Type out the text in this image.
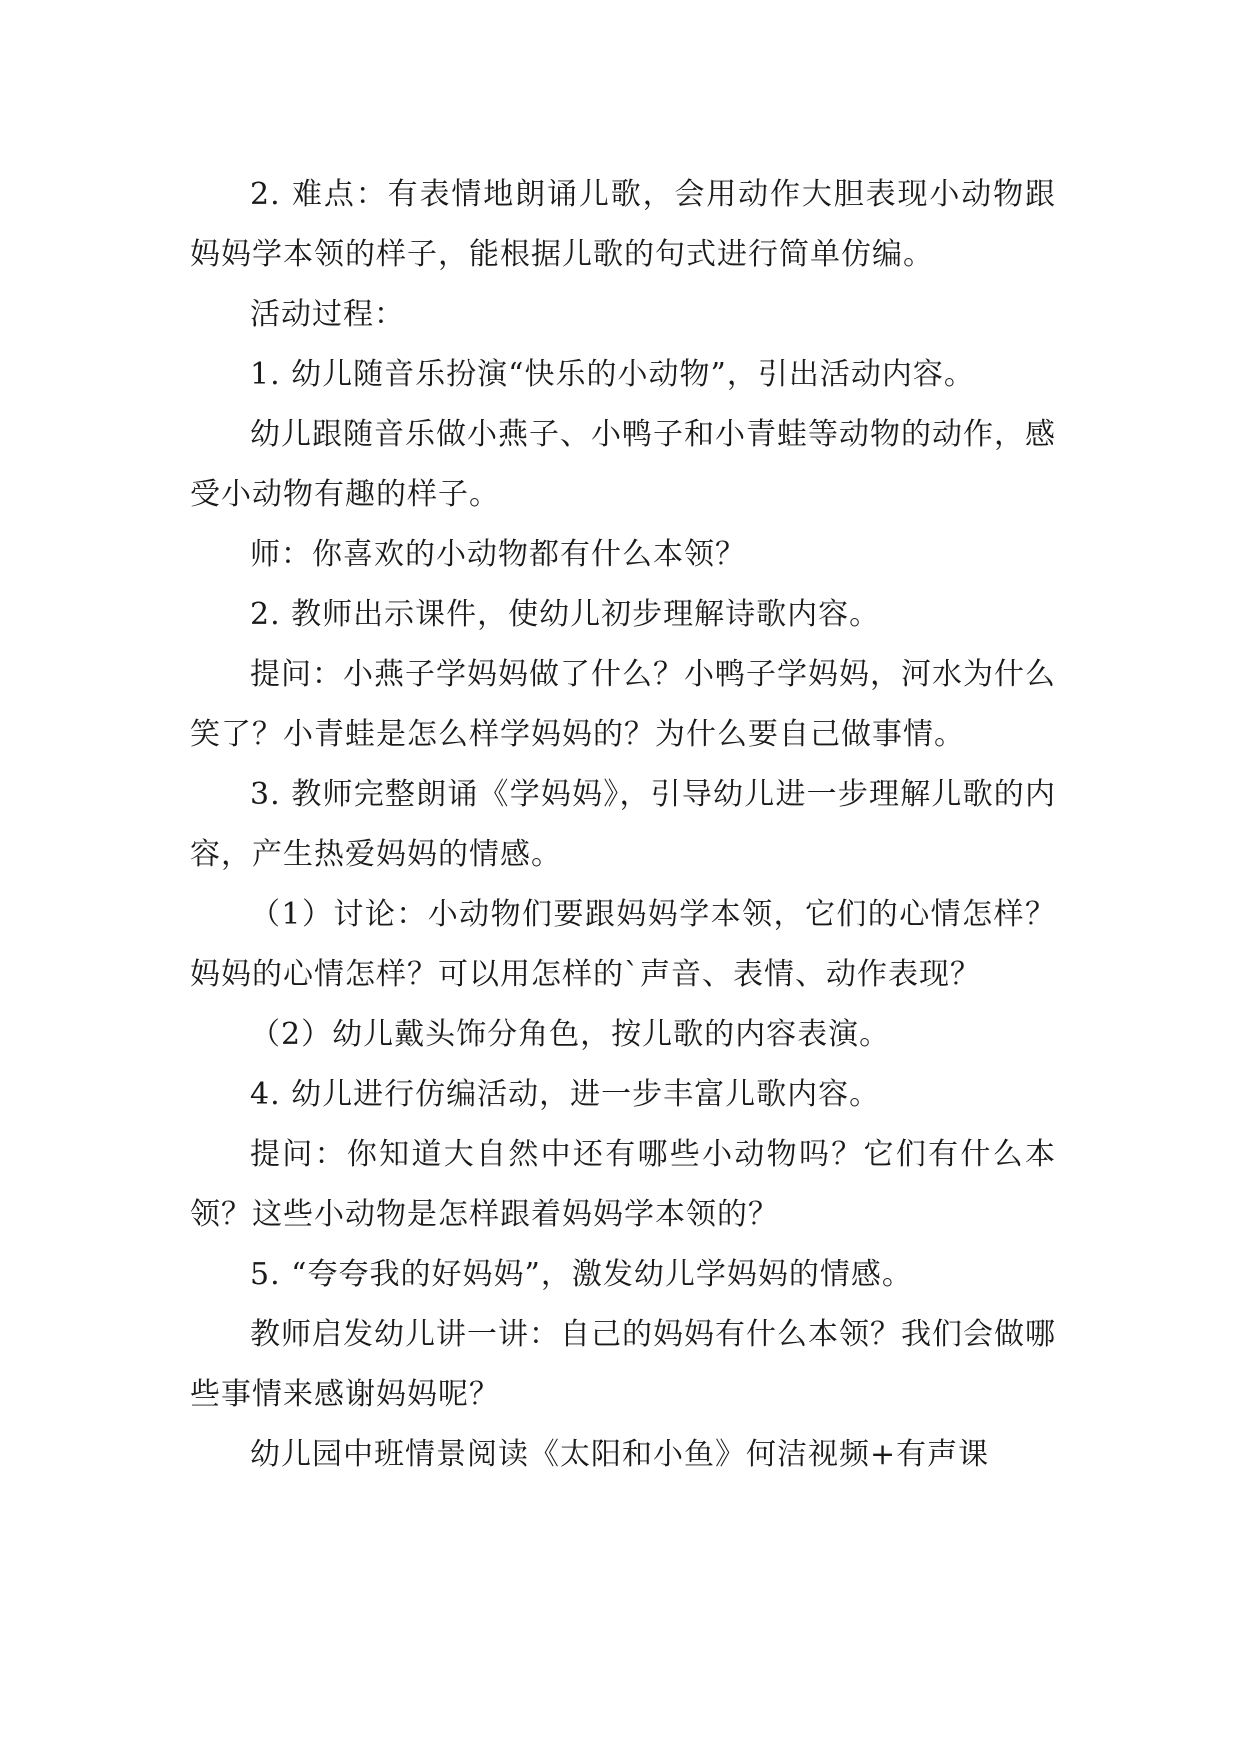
2. 难点：有表情地朗诵儿歌，会用动作大胆表现小动物跟妈妈学本领的样子，能根据儿歌的句式进行简单仿编。

活动过程：

1. 幼儿随音乐扮演“快乐的小动物”，引出活动内容。

幼儿跟随音乐做小燕子、小鸭子和小青蛙等动物的动作，感受小动物有趣的样子。

师：你喜欢的小动物都有什么本领？

2. 教师出示课件，使幼儿初步理解诗歌内容。

提问：小燕子学妈妈做了什么？小鸭子学妈妈，河水为什么笑了？小青蛙是怎么样学妈妈的？为什么要自己做事情。

3. 教师完整朗诵《学妈妈》，引导幼儿进一步理解儿歌的内容，产生热爱妈妈的情感。

（1）讨论：小动物们要跟妈妈学本领，它们的心情怎样？妈妈的心情怎样？可以用怎样的`声音、表情、动作表现？

（2）幼儿戴头饰分角色，按儿歌的内容表演。

4. 幼儿进行仿编活动，进一步丰富儿歌内容。

提问：你知道大自然中还有哪些小动物吗？它们有什么本领？这些小动物是怎样跟着妈妈学本领的？

5. “夸夸我的好妈妈”，激发幼儿学妈妈的情感。

教师启发幼儿讲一讲：自己的妈妈有什么本领？我们会做哪些事情来感谢妈妈呢？

幼儿园中班情景阅读《太阳和小鱼》何洁视频+有声课
